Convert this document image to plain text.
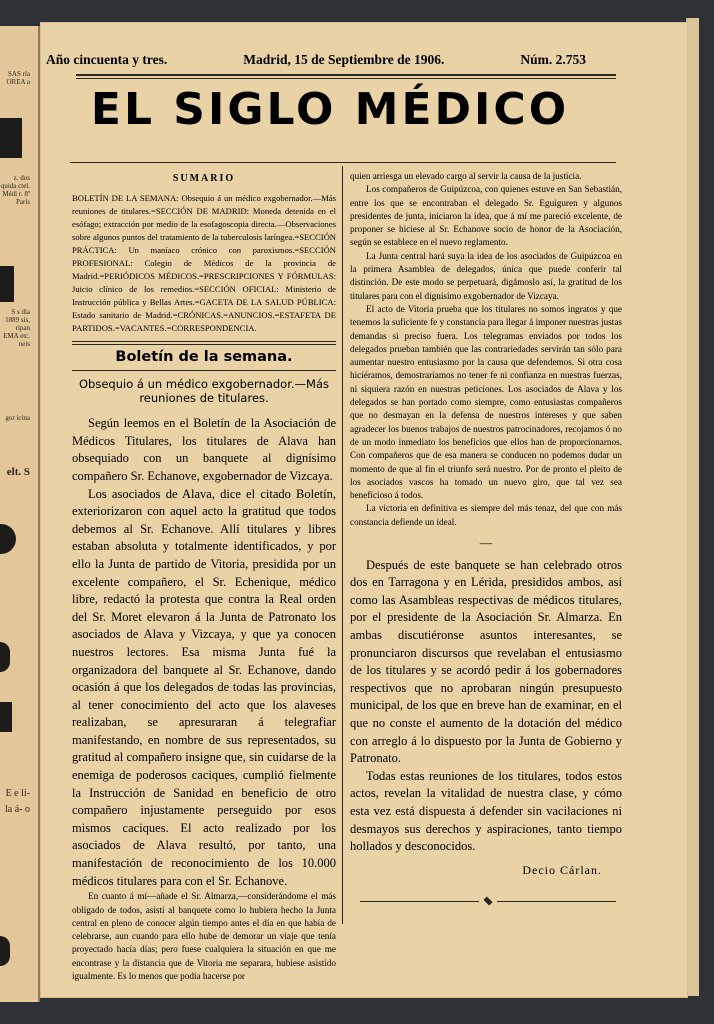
SAS ría OREA a
z. dos quida ctel. Médi r. 8º París
S s dia 1889 sis, ripan EMA etc. neis
gor icina
elt. S
E e li- la á- o
Año cincuenta y tres.	Madrid, 15 de Septiembre de 1906.	Núm. 2.753
EL SIGLO MÉDICO
SUMARIO
BOLETÍN DE LA SEMANA: Obsequio á un médico exgobernador.—Más reuniones de titulares.=SECCIÓN DE MADRID: Moneda detenida en el esófago; extracción por medio de la esofagoscopia directa.—Observaciones sobre algunos puntos del tratamiento de la tuberculosis laríngea.=SECCIÓN PRÁCTICA: Un maníaco crónico con paroxismos.=SECCIÓN PROFESIONAL: Colegio de Médicos de la provincia de Madrid.=PERIÓDICOS MÉDICOS.=PRESCRIPCIONES Y FÓRMULAS: Juicio clínico de los remedios.=SECCIÓN OFICIAL: Ministerio de Instrucción pública y Bellas Artes.=GACETA DE LA SALUD PÚBLICA: Estado sanitario de Madrid.=CRÓNICAS.=ANUNCIOS.=ESTAFETA DE PARTIDOS.=VACANTES.=CORRESPONDENCIA.
Boletín de la semana.
Obsequio á un médico exgobernador.—Más reuniones de titulares.

Según leemos en el Boletín de la Asociación de Médicos Titulares, los titulares de Alava han obsequiado con un banquete al dignísimo compañero Sr. Echanove, exgobernador de Vizcaya.

Los asociados de Alava, dice el citado Boletín, exteriorizaron con aquel acto la gratitud que todos debemos al Sr. Echanove. Allí titulares y libres estaban absoluta y totalmente identificados, y por ello la Junta de partido de Vitoria, presidida por un excelente compañero, el Sr. Echenique, médico libre, redactó la protesta que contra la Real orden del Sr. Moret elevaron á la Junta de Patronato los asociados de Alava y Vizcaya, y que ya conocen nuestros lectores. Esa misma Junta fué la organizadora del banquete al Sr. Echanove, dando ocasión á que los delegados de todas las provincias, al tener conocimiento del acto que los alaveses realizaban, se apresuraran á telegrafiar manifestando, en nombre de sus representados, su gratitud al compañero insigne que, sin cuidarse de la enemiga de poderosos caciques, cumplió fielmente la Instrucción de Sanidad en beneficio de otro compañero injustamente perseguido por esos mismos caciques. El acto realizado por los asociados de Alava resultó, por tanto, una manifestación de reconocimiento de los 10.000 médicos titulares para con el Sr. Echanove.

En cuanto á mí—añade el Sr. Almarza,—considerándome el más obligado de todos, asistí al banquete como lo hubiera hecho la Junta central en pleno de conocer algún tiempo antes el día en que había de celebrarse, aun cuando para ello hube de demorar un viaje que tenía proyectado hacía días; pero fuese cualquiera la situación en que me encontrase y la distancia que de Vitoria me separara, hubiese asistido igualmente. Es lo menos que podía hacerse por

quien arriesga un elevado cargo al servir la causa de la justicia.

Los compañeros de Guipúzcoa, con quienes estuve en San Sebastián, entre los que se encontraban el delegado Sr. Eguiguren y algunos presidentes de junta, iniciaron la idea, que á mí me pareció excelente, de proponer se hiciese al Sr. Echanove socio de honor de la Asociación, según se establece en el nuevo reglamento.

La Junta central hará suya la idea de los asociados de Guipúzcoa en la primera Asamblea de delegados, única que puede conferir tal distinción. De este modo se perpetuará, digámoslo así, la gratitud de los titulares para con el dignísimo exgobernador de Vizcaya.

El acto de Vitoria prueba que los titulares no somos ingratos y que tenemos la suficiente fe y constancia para llegar á imponer nuestras justas demandas si preciso fuera. Los telegramas enviados por todos los delegados prueban también que las contrariedades servirán tan sólo para aumentar nuestro entusiasmo por la causa que defendemos. Si otra cosa hiciéramos, demostraríamos no tener fe ni confianza en nuestras fuerzas, ni siquiera razón en nuestras peticiones. Los asociados de Alava y los delegados se han portado como siempre, como entusiastas compañeros que no desmayan en la defensa de nuestros intereses y que saben agradecer los buenos trabajos de nuestros patrocinadores, recojamos ó no de un modo inmediato los beneficios que ellos han de proporcionarnos. Con compañeros que de esa manera se conducen no podemos dudar un momento de que al fin el triunfo será nuestro. Por de pronto el pleito de los asociados vascos ha tomado un nuevo giro, que tal vez sea beneficioso á todos.

La victoria en definitiva es siempre del más tenaz, del que con más constancia defiende un ideal.

—

Después de este banquete se han celebrado otros dos en Tarragona y en Lérida, presididos ambos, así como las Asambleas respectivas de médicos titulares, por el presidente de la Asociación Sr. Almarza. En ambas discutiéronse asuntos interesantes, se pronunciaron discursos que revelaban el entusiasmo de los titulares y se acordó pedir á los gobernadores respectivos que no aprobaran ningún presupuesto municipal, de los que en breve han de examinar, en el que no conste el aumento de la dotación del médico con arreglo á lo dispuesto por la Junta de Gobierno y Patronato.

Todas estas reuniones de los titulares, todos estos actos, revelan la vitalidad de nuestra clase, y cómo esta vez está dispuesta á defender sin vacilaciones ni desmayos sus derechos y aspiraciones, tanto tiempo hollados y desconocidos.

Decio Cárlan.
